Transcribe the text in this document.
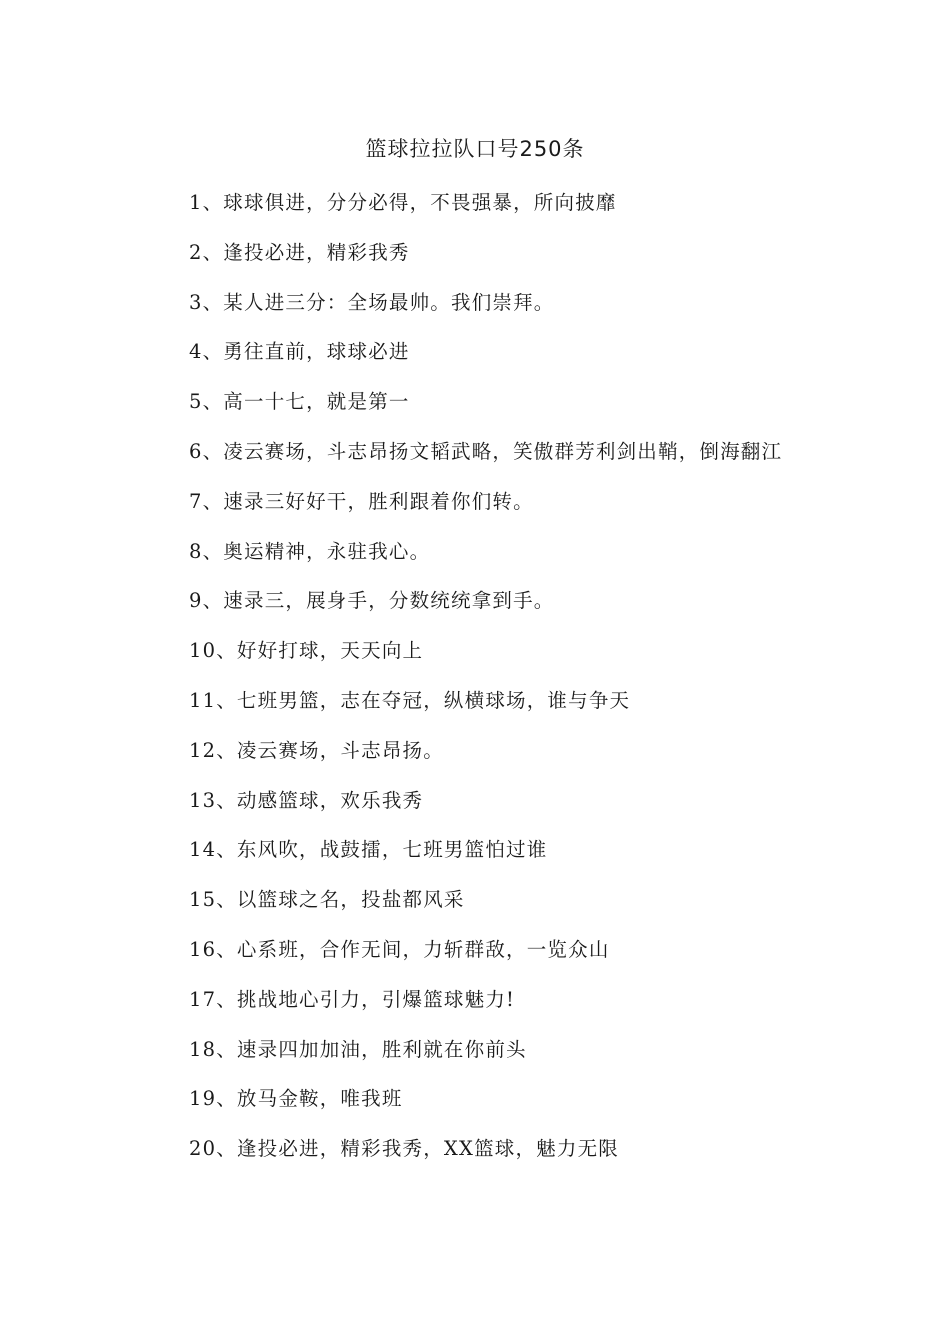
篮球拉拉队口号250条
1、球球俱进，分分必得，不畏强暴，所向披靡
2、逢投必进，精彩我秀
3、某人进三分：全场最帅。我们崇拜。
4、勇往直前，球球必进
5、高一十七，就是第一
6、凌云赛场，斗志昂扬文韬武略，笑傲群芳利剑出鞘，倒海翻江
7、速录三好好干，胜利跟着你们转。
8、奥运精神，永驻我心。
9、速录三，展身手，分数统统拿到手。
10、好好打球，天天向上
11、七班男篮，志在夺冠，纵横球场，谁与争天
12、凌云赛场，斗志昂扬。
13、动感篮球，欢乐我秀
14、东风吹，战鼓擂，七班男篮怕过谁
15、以篮球之名，投盐都风采
16、心系班，合作无间，力斩群敌，一览众山
17、挑战地心引力，引爆篮球魅力!
18、速录四加加油，胜利就在你前头
19、放马金鞍，唯我班
20、逢投必进，精彩我秀，XX篮球，魅力无限
